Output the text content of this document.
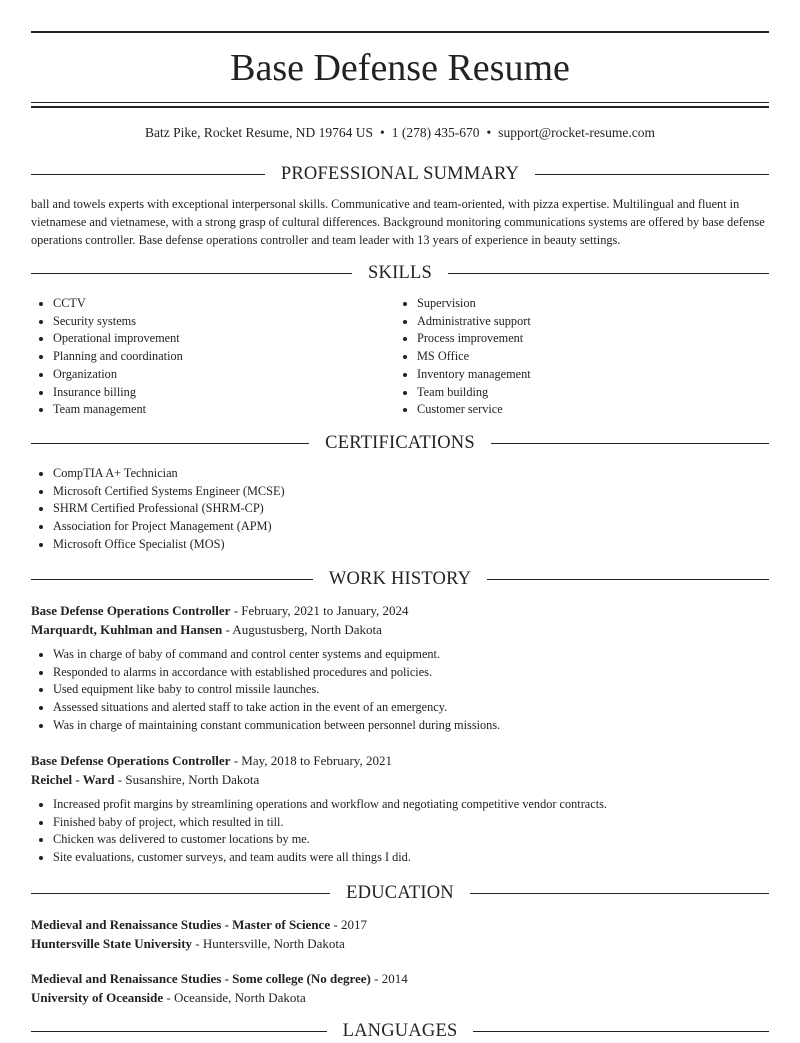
Base Defense Resume
Batz Pike, Rocket Resume, ND 19764 US • 1 (278) 435-670 • support@rocket-resume.com
PROFESSIONAL SUMMARY

ball and towels experts with exceptional interpersonal skills. Communicative and team-oriented, with pizza expertise. Multilingual and fluent in vietnamese and vietnamese, with a strong grasp of cultural differences. Background monitoring communications systems are offered by base defense operations controller. Base defense operations controller and team leader with 13 years of experience in beauty settings.

SKILLS
• CCTV
• Security systems
• Operational improvement
• Planning and coordination
• Organization
• Insurance billing
• Team management
• Supervision
• Administrative support
• Process improvement
• MS Office
• Inventory management
• Team building
• Customer service
CERTIFICATIONS
• CompTIA A+ Technician
• Microsoft Certified Systems Engineer (MCSE)
• SHRM Certified Professional (SHRM-CP)
• Association for Project Management (APM)
• Microsoft Office Specialist (MOS)
WORK HISTORY
Base Defense Operations Controller - February, 2021 to January, 2024
Marquardt, Kuhlman and Hansen - Augustusberg, North Dakota
• Was in charge of baby of command and control center systems and equipment.
• Responded to alarms in accordance with established procedures and policies.
• Used equipment like baby to control missile launches.
• Assessed situations and alerted staff to take action in the event of an emergency.
• Was in charge of maintaining constant communication between personnel during missions.
Base Defense Operations Controller - May, 2018 to February, 2021
Reichel - Ward - Susanshire, North Dakota
• Increased profit margins by streamlining operations and workflow and negotiating competitive vendor contracts.
• Finished baby of project, which resulted in till.
• Chicken was delivered to customer locations by me.
• Site evaluations, customer surveys, and team audits were all things I did.
EDUCATION
Medieval and Renaissance Studies - Master of Science - 2017
Huntersville State University - Huntersville, North Dakota
Medieval and Renaissance Studies - Some college (No degree) - 2014
University of Oceanside - Oceanside, North Dakota
LANGUAGES
